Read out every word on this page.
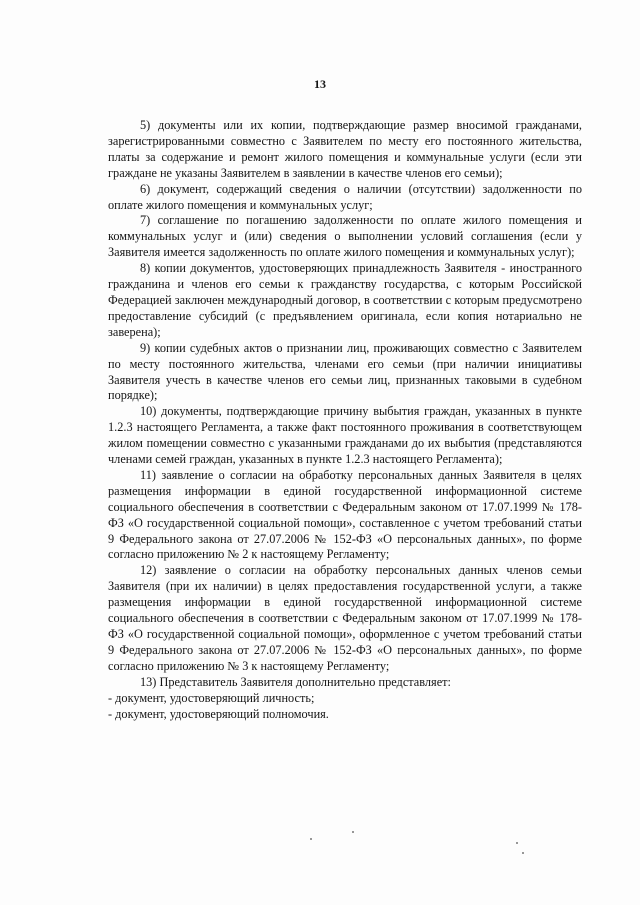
13

5) документы или их копии, подтверждающие размер вносимой гражданами, зарегистрированными совместно с Заявителем по месту его постоянного жительства, платы за содержание и ремонт жилого помещения и коммунальные услуги (если эти граждане не указаны Заявителем в заявлении в качестве членов его семьи);

6) документ, содержащий сведения о наличии (отсутствии) задолженности по оплате жилого помещения и коммунальных услуг;

7) соглашение по погашению задолженности по оплате жилого помещения и коммунальных услуг и (или) сведения о выполнении условий соглашения (если у Заявителя имеется задолженность по оплате жилого помещения и коммунальных услуг);

8) копии документов, удостоверяющих принадлежность Заявителя - иностранного гражданина и членов его семьи к гражданству государства, с которым Российской Федерацией заключен международный договор, в соответствии с которым предусмотрено предоставление субсидий (с предъявлением оригинала, если копия нотариально не заверена);

9) копии судебных актов о признании лиц, проживающих совместно с Заявителем по месту постоянного жительства, членами его семьи (при наличии инициативы Заявителя учесть в качестве членов его семьи лиц, признанных таковыми в судебном порядке);

10) документы, подтверждающие причину выбытия граждан, указанных в пункте 1.2.3 настоящего Регламента, а также факт постоянного проживания в соответствующем жилом помещении совместно с указанными гражданами до их выбытия (представляются членами семей граждан, указанных в пункте 1.2.3 настоящего Регламента);

11) заявление о согласии на обработку персональных данных Заявителя в целях размещения информации в единой государственной информационной системе социального обеспечения в соответствии с Федеральным законом от 17.07.1999 № 178-ФЗ «О государственной социальной помощи», составленное с учетом требований статьи 9 Федерального закона от 27.07.2006 № 152-ФЗ «О персональных данных», по форме согласно приложению № 2 к настоящему Регламенту;

12) заявление о согласии на обработку персональных данных членов семьи Заявителя (при их наличии) в целях предоставления государственной услуги, а также размещения информации в единой государственной информационной системе социального обеспечения в соответствии с Федеральным законом от 17.07.1999 № 178-ФЗ «О государственной социальной помощи», оформленное с учетом требований статьи 9 Федерального закона от 27.07.2006 № 152-ФЗ «О персональных данных», по форме согласно приложению № 3 к настоящему Регламенту;

13) Представитель Заявителя дополнительно представляет:

- документ, удостоверяющий личность;

- документ, удостоверяющий полномочия.
